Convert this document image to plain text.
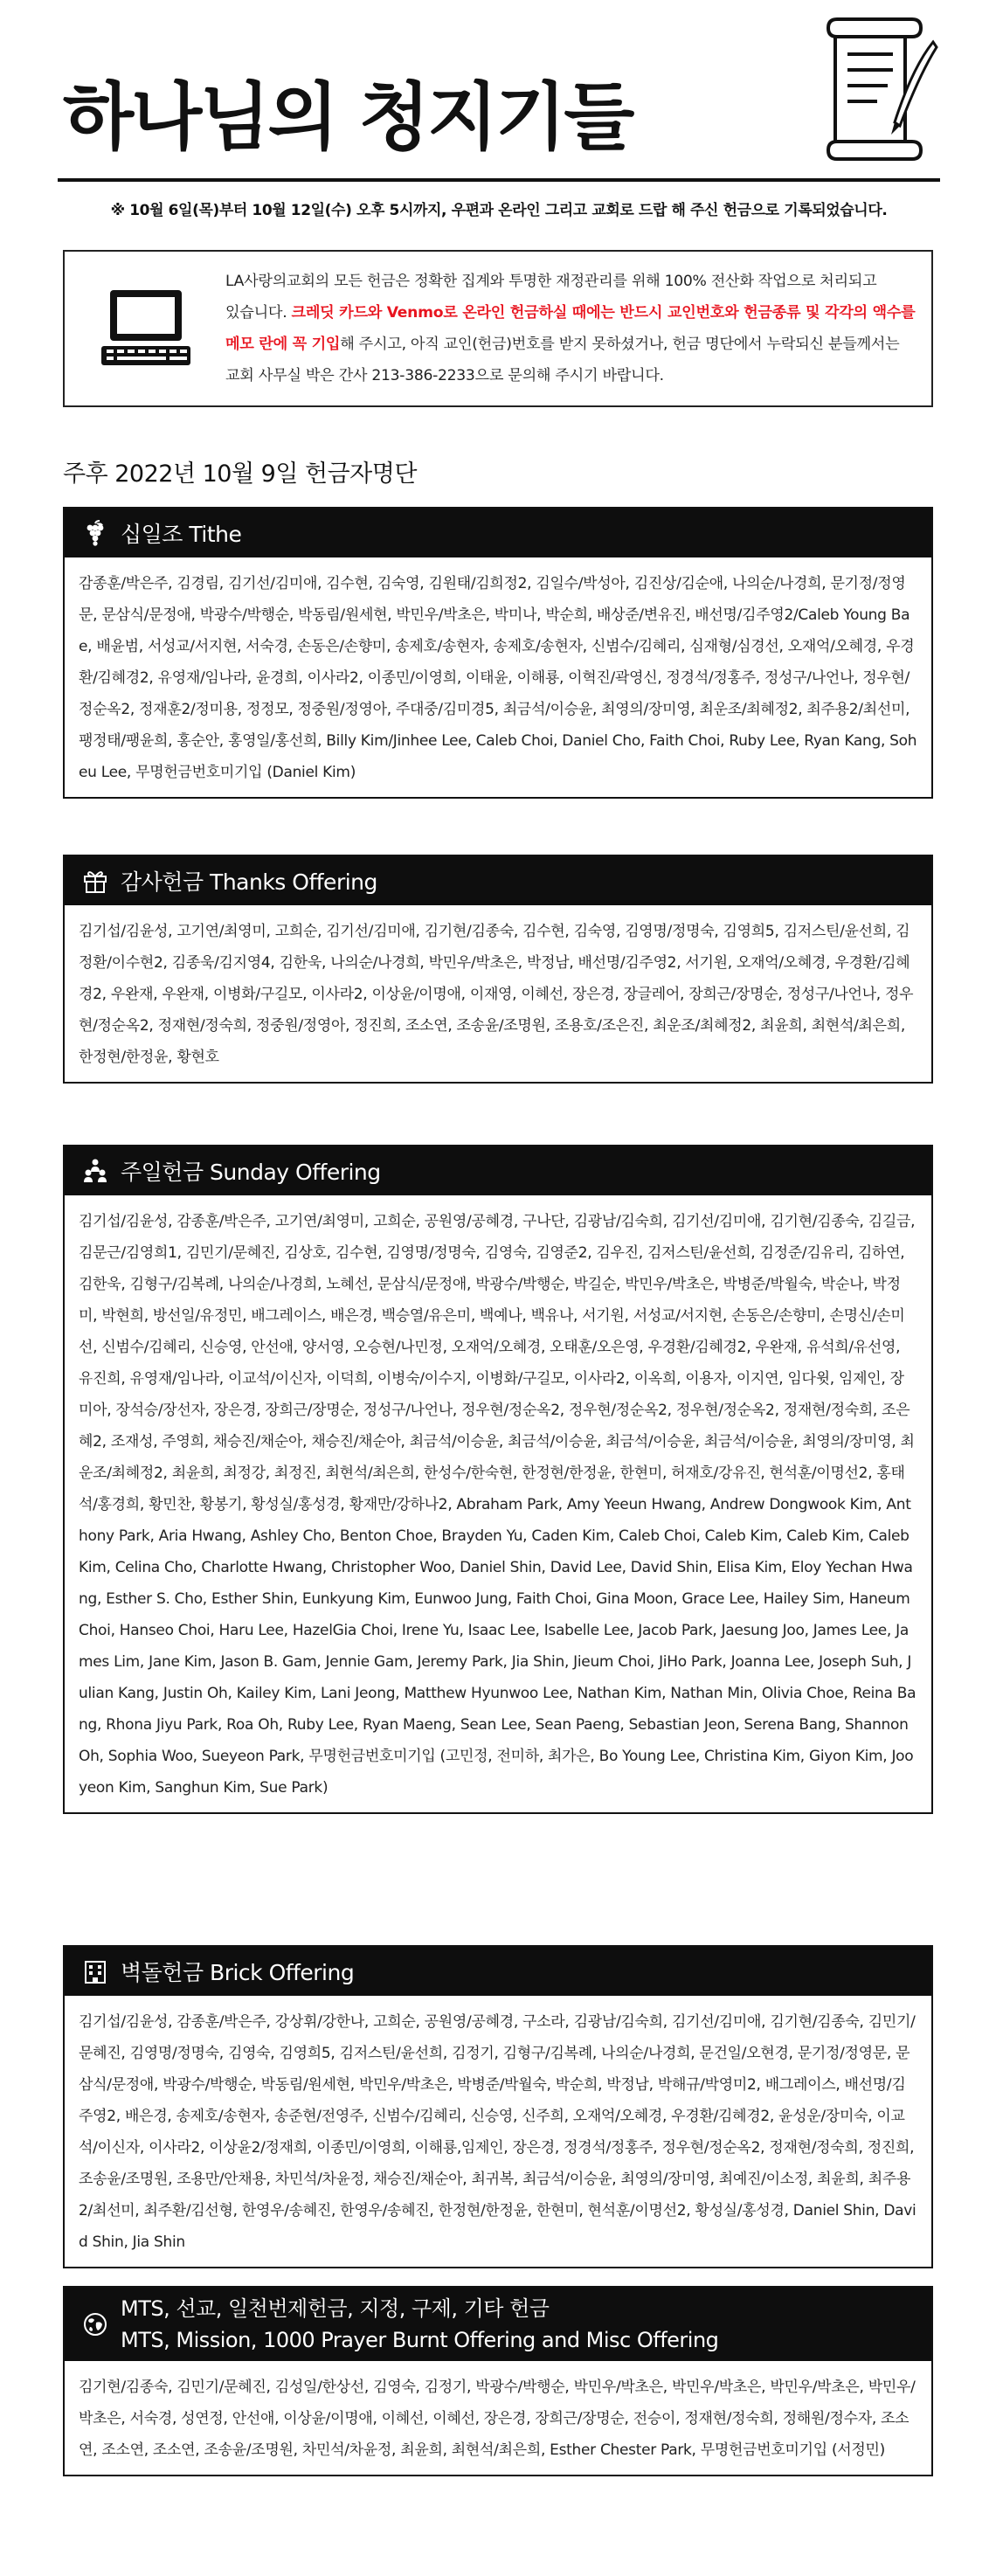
하나님의 청지기들
※ 10월 6일(목)부터 10월 12일(수) 오후 5시까지, 우편과 온라인 그리고 교회로 드랍 해 주신 헌금으로 기록되었습니다.
LA사랑의교회의 모든 헌금은 정확한 집계와 투명한 재정관리를 위해 100% 전산화 작업으로 처리되고 있습니다. 크레딧 카드와 Venmo로 온라인 헌금하실 때에는 반드시 교인번호와 헌금종류 및 각각의 액수를 메모 란에 꼭 기입해 주시고, 아직 교인(헌금)번호를 받지 못하셨거나, 헌금 명단에서 누락되신 분들께서는 교회 사무실 박은 간사 213-386-2233으로 문의해 주시기 바랍니다.
주후 2022년 10월 9일 헌금자명단
십일조 Tithe
감종훈/박은주, 김경림, 김기선/김미애, 김수현, 김숙영, 김원태/김희정2, 김일수/박성아, 김진상/김순애, 나의순/나경희, 문기정/정영문, 문삼식/문정애, 박광수/박행순, 박동림/원세현, 박민우/박초은, 박미나, 박순희, 배상준/변유진, 배선명/김주영2/Caleb Young Bae, 배윤범, 서성교/서지현, 서숙경, 손동은/손향미, 송제호/송현자, 송제호/송현자, 신범수/김혜리, 심재형/심경선, 오재억/오혜경, 우경환/김혜경2, 유영재/임나라, 윤경희, 이사라2, 이종민/이영희, 이태윤, 이해룡, 이혁진/곽영신, 정경석/정홍주, 정성구/나언나, 정우현/정순옥2, 정재훈2/정미용, 정정모, 정중원/정영아, 주대중/김미경5, 최금석/이승윤, 최영의/장미영, 최운조/최혜정2, 최주용2/최선미, 팽정태/팽윤희, 홍순안, 홍영일/홍선희, Billy Kim/Jinhee Lee, Caleb Choi, Daniel Cho, Faith Choi, Ruby Lee, Ryan Kang, Soheu Lee, 무명헌금번호미기입 (Daniel Kim)
감사헌금 Thanks Offering
김기섭/김윤성, 고기연/최영미, 고희순, 김기선/김미애, 김기현/김종숙, 김수현, 김숙영, 김영명/정명숙, 김영희5, 김저스틴/윤선희, 김정환/이수현2, 김종욱/김지영4, 김한욱, 나의순/나경희, 박민우/박초은, 박정남, 배선명/김주영2, 서기원, 오재억/오혜경, 우경환/김혜경2, 우완재, 우완재, 이병화/구길모, 이사라2, 이상윤/이명애, 이재영, 이혜선, 장은경, 장글레어, 장희근/장명순, 정성구/나언나, 정우현/정순옥2, 정재현/정숙희, 정중원/정영아, 정진희, 조소연, 조송윤/조명원, 조용호/조은진, 최운조/최혜정2, 최윤희, 최현석/최은희, 한정현/한정윤, 황현호
주일헌금 Sunday Offering
김기섭/김윤성, 감종훈/박은주, 고기연/최영미, 고희순, 공원영/공혜경, 구나단, 김광남/김숙희, 김기선/김미애, 김기현/김종숙, 김길금, 김문근/김영희1, 김민기/문혜진, 김상호, 김수현, 김영명/정명숙, 김영숙, 김영준2, 김우진, 김저스틴/윤선희, 김정준/김유리, 김하연, 김한욱, 김형구/김복례, 나의순/나경희, 노혜선, 문삼식/문정애, 박광수/박행순, 박길순, 박민우/박초은, 박병준/박월숙, 박순나, 박정미, 박현희, 방선일/유정민, 배그레이스, 배은경, 백승열/유은미, 백예나, 백유나, 서기원, 서성교/서지현, 손동은/손향미, 손명신/손미선, 신범수/김혜리, 신승영, 안선애, 양서영, 오승현/나민정, 오재억/오혜경, 오태훈/오은영, 우경환/김혜경2, 우완재, 유석희/유선영, 유진희, 유영재/임나라, 이교석/이신자, 이덕희, 이병숙/이수지, 이병화/구길모, 이사라2, 이옥희, 이용자, 이지연, 임다윗, 임제인, 장미아, 장석승/장선자, 장은경, 장희근/장명순, 정성구/나언나, 정우현/정순옥2, 정우현/정순옥2, 정우현/정순옥2, 정재현/정숙희, 조은혜2, 조재성, 주영희, 채승진/채순아, 채승진/채순아, 최금석/이승윤, 최금석/이승윤, 최금석/이승윤, 최금석/이승윤, 최영의/장미영, 최운조/최혜정2, 최윤희, 최정강, 최정진, 최현석/최은희, 한성수/한숙현, 한정현/한정윤, 한현미, 허재호/강유진, 현석훈/이명선2, 홍태석/홍경희, 황민찬, 황봉기, 황성실/홍성경, 황재만/강하나2, Abraham Park, Amy Yeeun Hwang, Andrew Dongwook Kim, Anthony Park, Aria Hwang, Ashley Cho, Benton Choe, Brayden Yu, Caden Kim, Caleb Choi, Caleb Kim, Caleb Kim, Caleb Kim, Celina Cho, Charlotte Hwang, Christopher Woo, Daniel Shin, David Lee, David Shin, Elisa Kim, Eloy Yechan Hwang, Esther S. Cho, Esther Shin, Eunkyung Kim, Eunwoo Jung, Faith Choi, Gina Moon, Grace Lee, Hailey Sim, Haneum Choi, Hanseo Choi, Haru Lee, HazelGia Choi, Irene Yu, Isaac Lee, Isabelle Lee, Jacob Park, Jaesung Joo, James Lee, James Lim, Jane Kim, Jason B. Gam, Jennie Gam, Jeremy Park, Jia Shin, Jieum Choi, JiHo Park, Joanna Lee, Joseph Suh, Julian Kang, Justin Oh, Kailey Kim, Lani Jeong, Matthew Hyunwoo Lee, Nathan Kim, Nathan Min, Olivia Choe, Reina Bang, Rhona Jiyu Park, Roa Oh, Ruby Lee, Ryan Maeng, Sean Lee, Sean Paeng, Sebastian Jeon, Serena Bang, Shannon Oh, Sophia Woo, Sueyeon Park, 무명헌금번호미기입 (고민정, 전미하, 최가은, Bo Young Lee, Christina Kim, Giyon Kim, Jooyeon Kim, Sanghun Kim, Sue Park)
벽돌헌금 Brick Offering
김기섭/김윤성, 감종훈/박은주, 강상휘/강한나, 고희순, 공원영/공혜경, 구소라, 김광남/김숙희, 김기선/김미애, 김기현/김종숙, 김민기/문혜진, 김영명/정명숙, 김영숙, 김영희5, 김저스틴/윤선희, 김정기, 김형구/김복례, 나의순/나경희, 문건일/오현경, 문기정/정영문, 문삼식/문정애, 박광수/박행순, 박동림/원세현, 박민우/박초은, 박병준/박월숙, 박순희, 박정남, 박해규/박영미2, 배그레이스, 배선명/김주영2, 배은경, 송제호/송현자, 송준현/전영주, 신범수/김혜리, 신승영, 신주희, 오재억/오혜경, 우경환/김혜경2, 윤성운/장미숙, 이교석/이신자, 이사라2, 이상윤2/정재희, 이종민/이영희, 이해룡,임제인, 장은경, 정경석/정홍주, 정우현/정순옥2, 정재현/정숙희, 정진희, 조송윤/조명원, 조용만/안채용, 차민석/차윤정, 채승진/채순아, 최귀복, 최금석/이승윤, 최영의/장미영, 최예진/이소정, 최윤희, 최주용2/최선미, 최주환/김선형, 한영우/송혜진, 한영우/송혜진, 한정현/한정윤, 한현미, 현석훈/이명선2, 황성실/홍성경, Daniel Shin, David Shin, Jia Shin
MTS, 선교, 일천번제헌금, 지정, 구제, 기타 헌금
MTS, Mission, 1000 Prayer Burnt Offering and Misc Offering
김기현/김종숙, 김민기/문혜진, 김성일/한상선, 김영숙, 김정기, 박광수/박행순, 박민우/박초은, 박민우/박초은, 박민우/박초은, 박민우/박초은, 서숙경, 성연정, 안선애, 이상윤/이명애, 이혜선, 이혜선, 장은경, 장희근/장명순, 전승이, 정재현/정숙희, 정해원/정수자, 조소연, 조소연, 조소연, 조송윤/조명원, 차민석/차윤정, 최윤희, 최현석/최은희, Esther Chester Park, 무명헌금번호미기입 (서정민)
